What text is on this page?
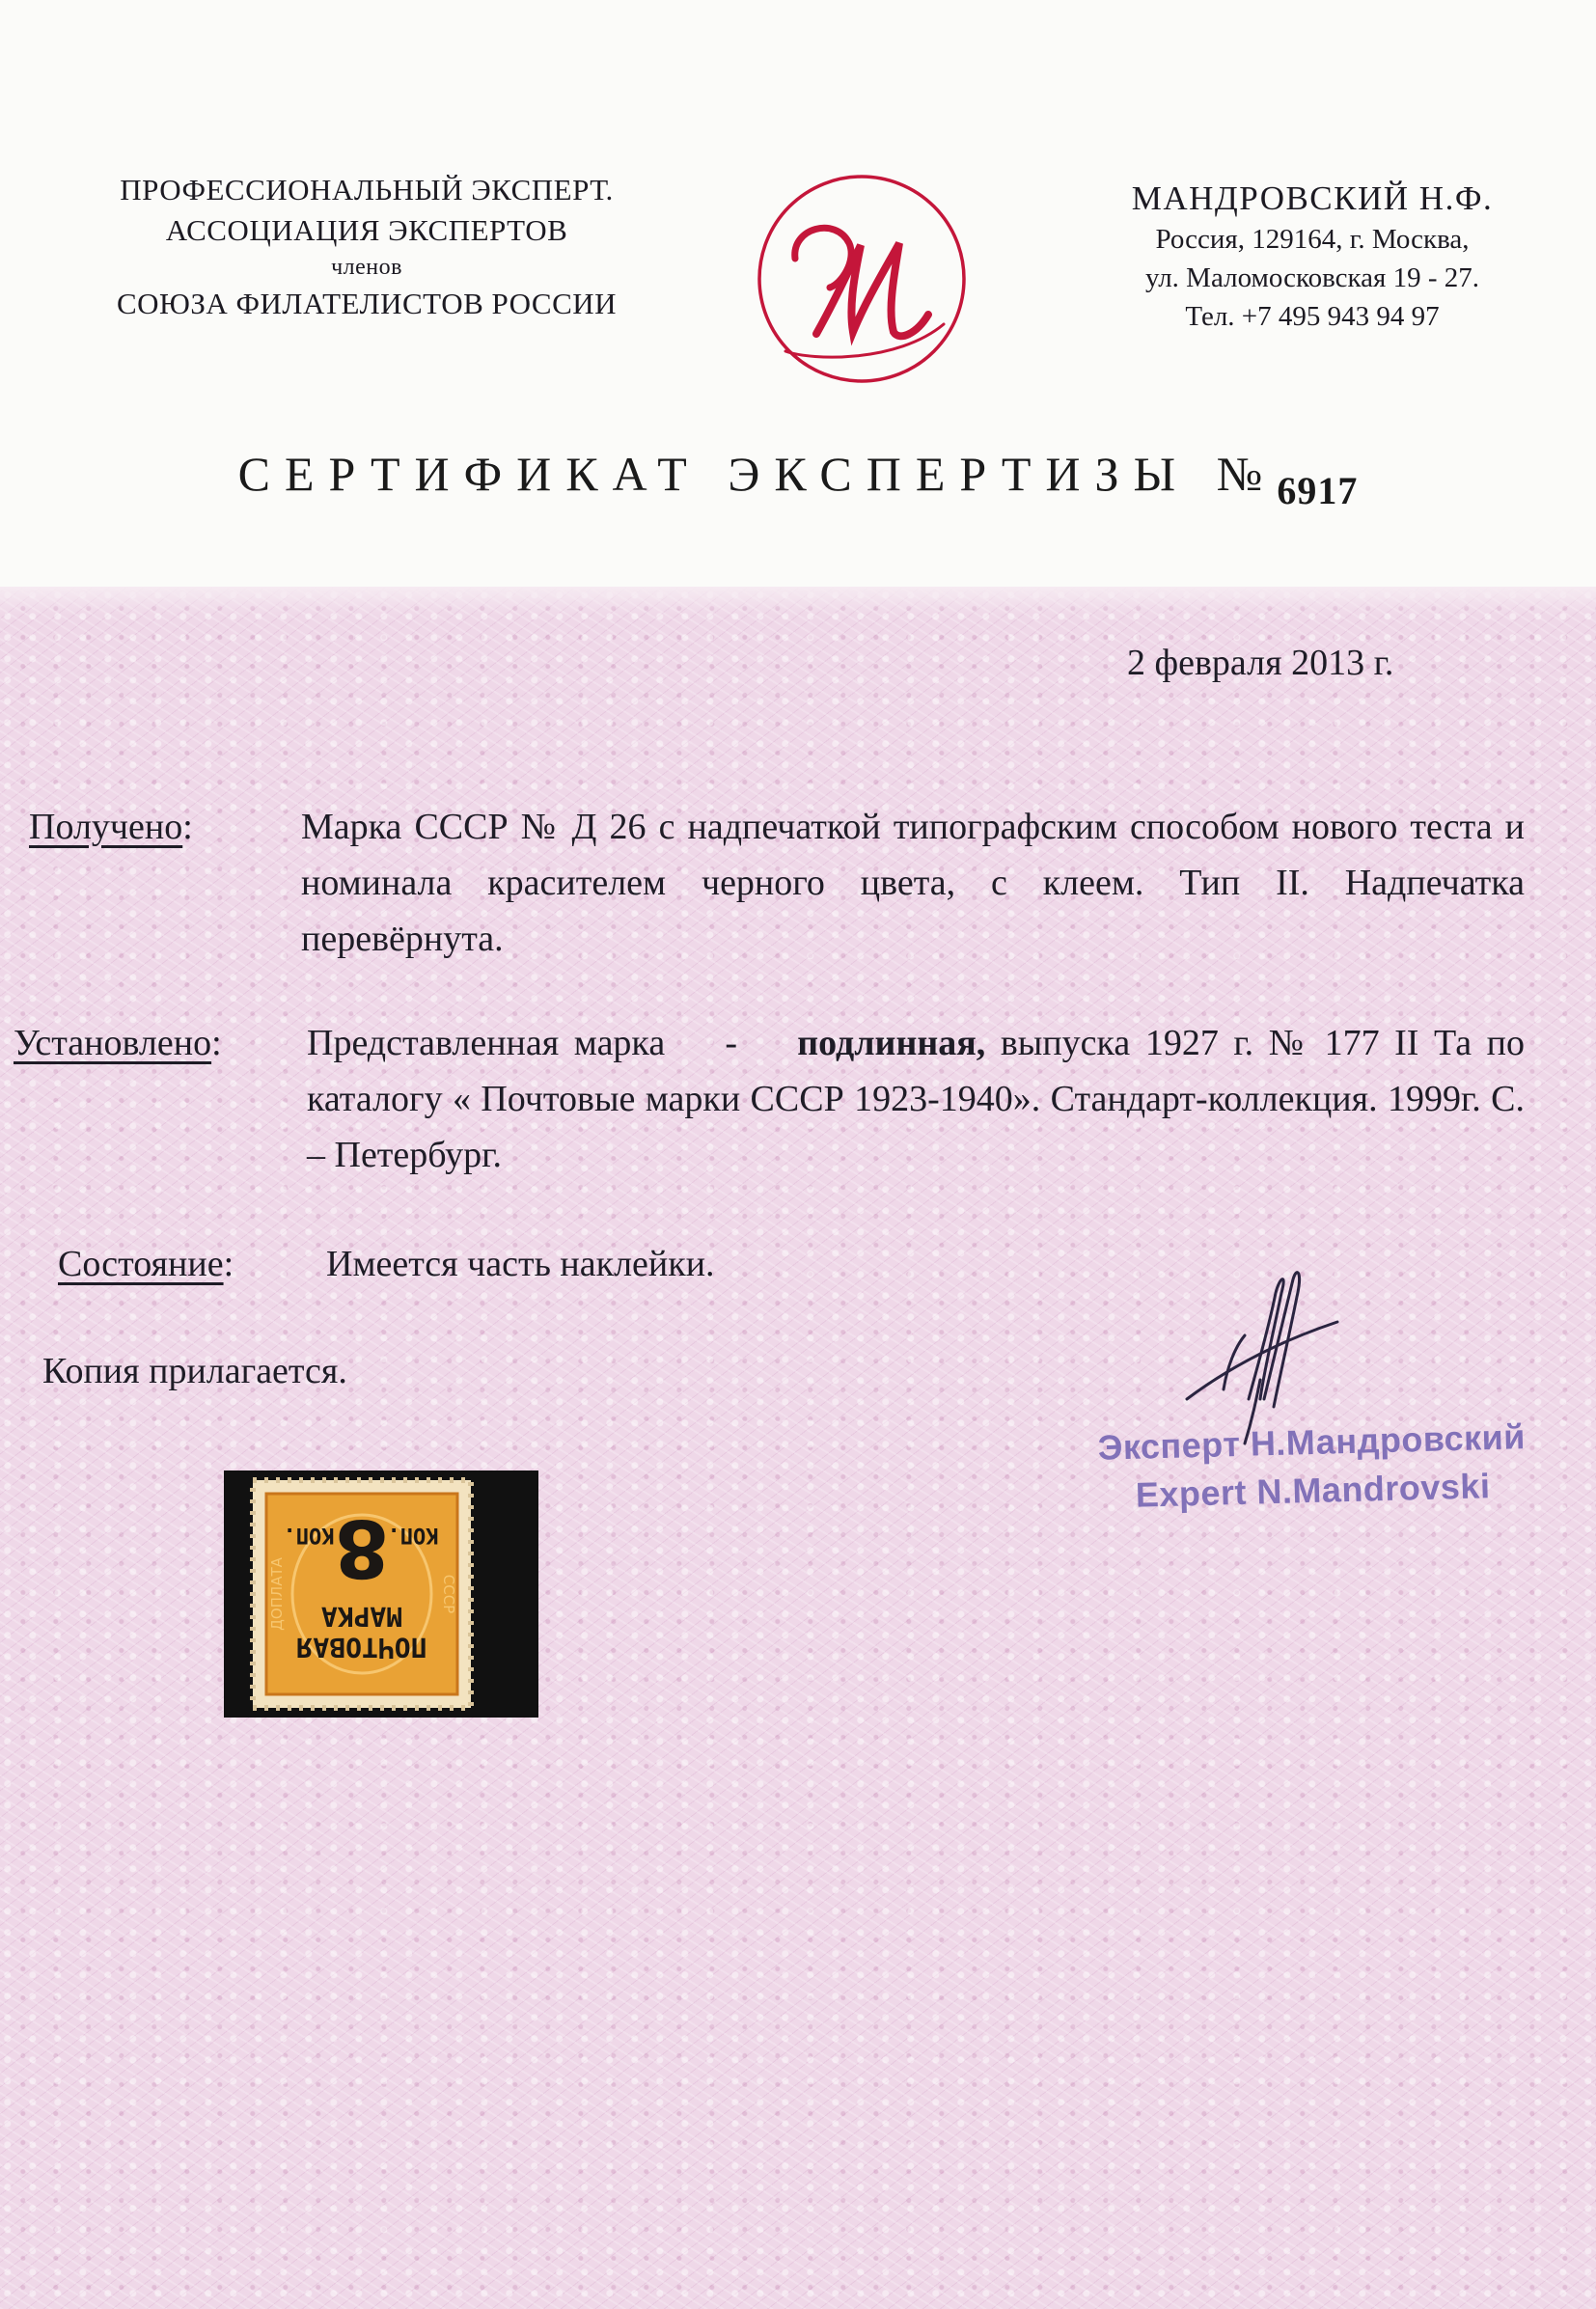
ПРОФЕССИОНАЛЬНЫЙ ЭКСПЕРТ.
АССОЦИАЦИЯ ЭКСПЕРТОВ
членов
СОЮЗА ФИЛАТЕЛИСТОВ РОССИИ	M
МАНДРОВСКИЙ Н.Ф.
Россия, 129164, г. Москва,
ул. Маломосковская 19 - 27.
Тел. +7 495 943 94 97
СЕРТИФИКАТ ЭКСПЕРТИЗЫ $№_{6917}$
2 февраля 2013 г.
Получено:	Марка СССР № Д 26 с надпечаткой типографским способом нового теста и номинала красителем черного цвета, с клеем. Тип II. Надпечатка перевёрнута.
Установлено: Представленная марка    -    подлинная, выпуска 1927 г. № 177 II Та по каталогу « Почтовые марки СССР 1923-1940». Стандарт-коллекция. 1999г. С. – Петербург.
Состояние:	Имеется часть наклейки.
Копия прилагается.
ДОПЛАТА	СССР
ПОЧТОВАЯ
МАРКА
8
КОП.
КОП.
Эксперт Н.Мандровский
Expert N.Mandrovski
